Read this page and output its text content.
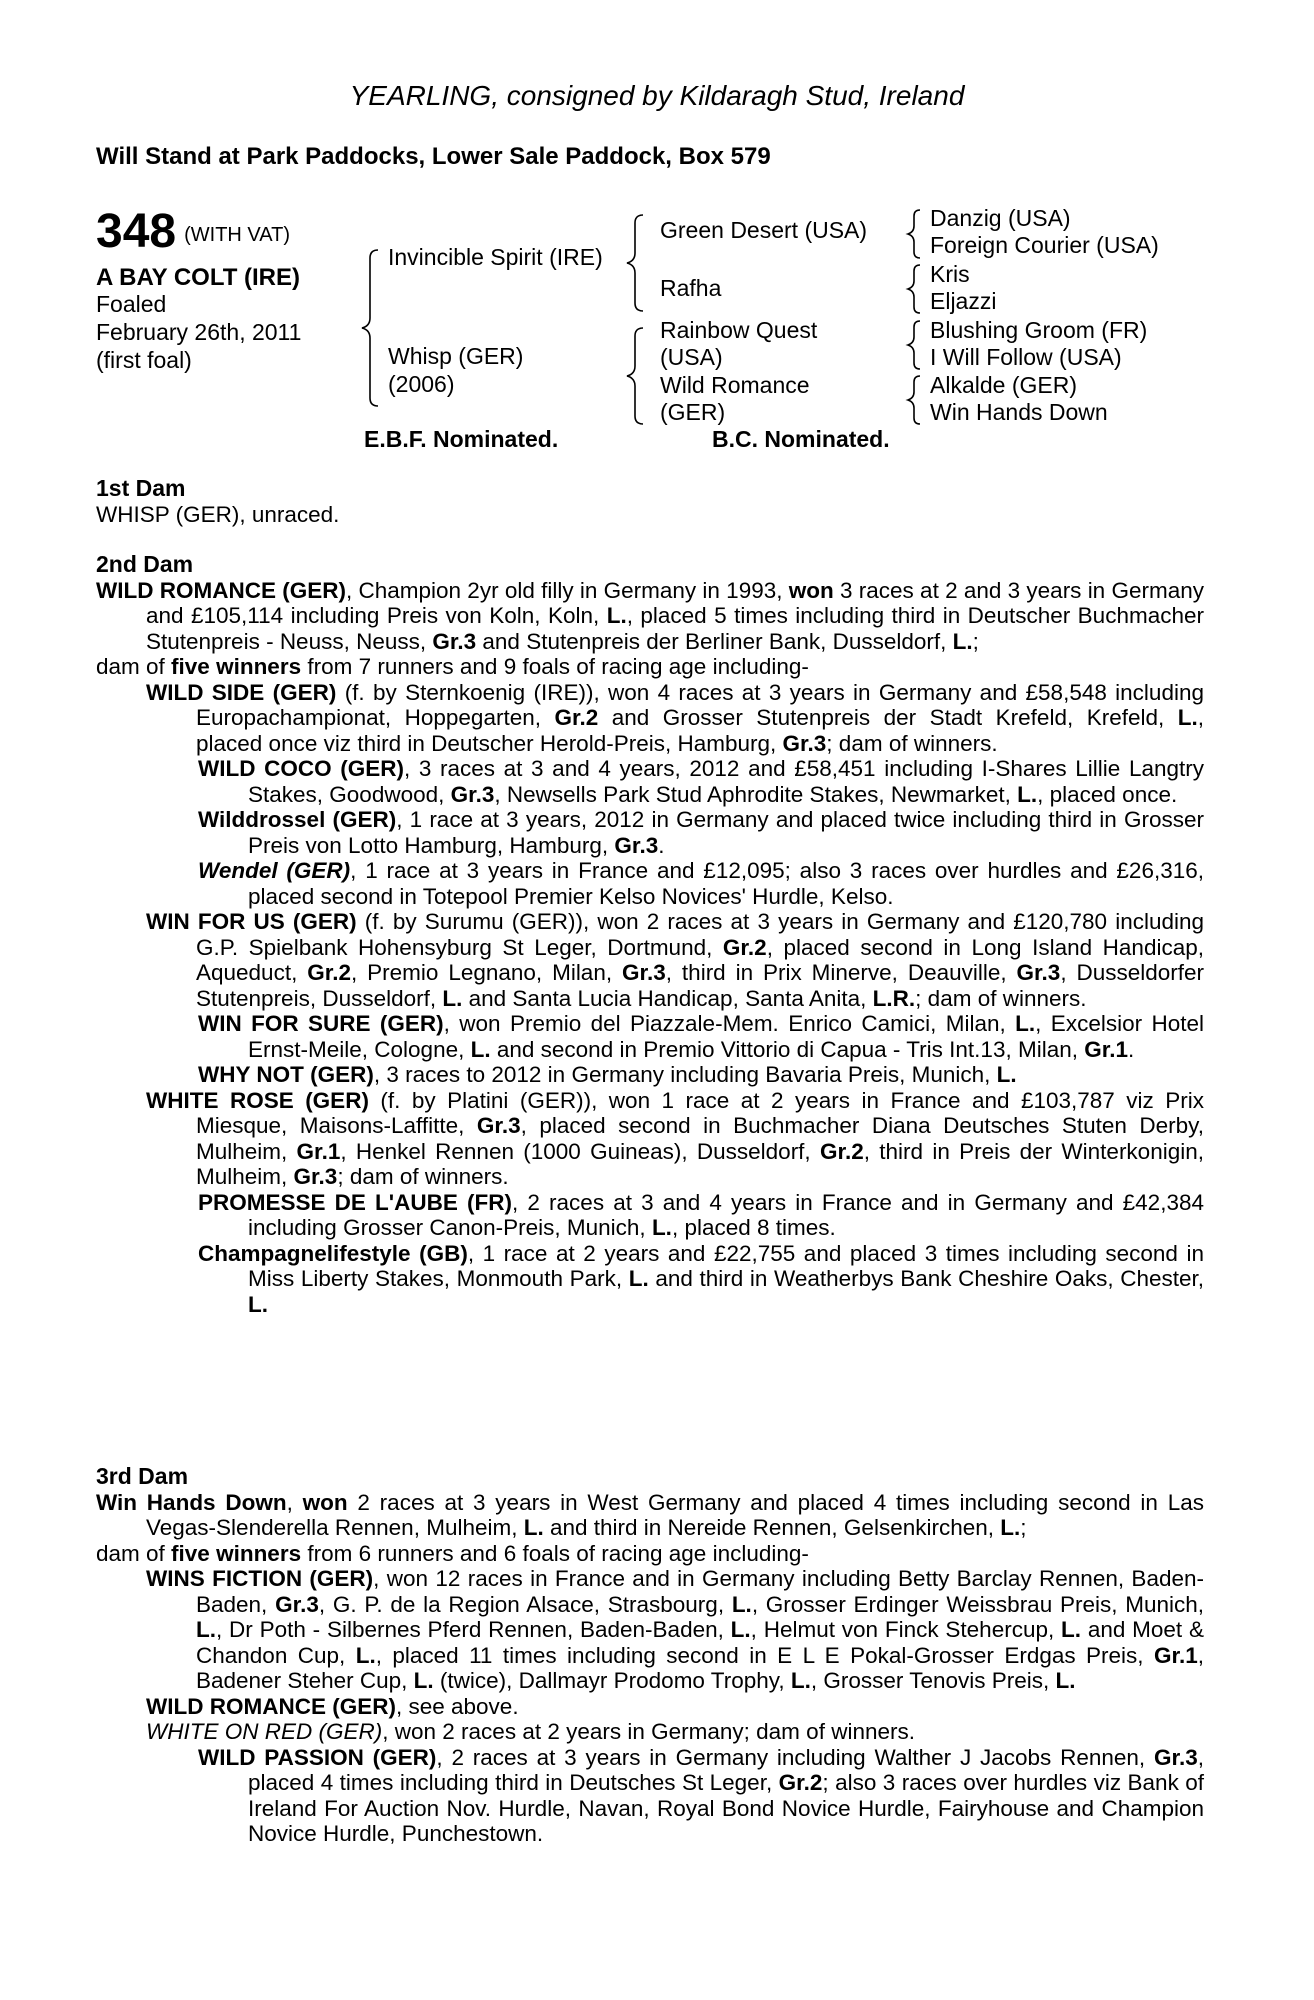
YEARLING, consigned by Kildaragh Stud, Ireland
Will Stand at Park Paddocks, Lower Sale Paddock, Box 579
348 (WITH VAT)
A BAY COLT (IRE)
Foaled
February 26th, 2011
(first foal)
Invincible Spirit (IRE)
Whisp (GER)
(2006)
Green Desert (USA)
Rafha
Rainbow Quest
(USA)
Wild Romance
(GER)
Danzig (USA)
Foreign Courier (USA)
Kris
Eljazzi
Blushing Groom (FR)
I Will Follow (USA)
Alkalde (GER)
Win Hands Down
E.B.F. Nominated.	B.C. Nominated.
1st Dam
WHISP (GER), unraced.
2nd Dam
WILD ROMANCE (GER), Champion 2yr old filly in Germany in 1993, won 3 races at 2 and 3 years in Germany and £105,114 including Preis von Koln, Koln, L., placed 5 times including third in Deutscher Buchmacher Stutenpreis - Neuss, Neuss, Gr.3 and Stutenpreis der Berliner Bank, Dusseldorf, L.;
dam of five winners from 7 runners and 9 foals of racing age including-
WILD SIDE (GER) (f. by Sternkoenig (IRE)), won 4 races at 3 years in Germany and £58,548 including Europachampionat, Hoppegarten, Gr.2 and Grosser Stutenpreis der Stadt Krefeld, Krefeld, L., placed once viz third in Deutscher Herold-Preis, Hamburg, Gr.3; dam of winners.
WILD COCO (GER), 3 races at 3 and 4 years, 2012 and £58,451 including I-Shares Lillie Langtry Stakes, Goodwood, Gr.3, Newsells Park Stud Aphrodite Stakes, Newmarket, L., placed once.
Wilddrossel (GER), 1 race at 3 years, 2012 in Germany and placed twice including third in Grosser Preis von Lotto Hamburg, Hamburg, Gr.3.
Wendel (GER), 1 race at 3 years in France and £12,095; also 3 races over hurdles and £26,316, placed second in Totepool Premier Kelso Novices' Hurdle, Kelso.
WIN FOR US (GER) (f. by Surumu (GER)), won 2 races at 3 years in Germany and £120,780 including G.P. Spielbank Hohensyburg St Leger, Dortmund, Gr.2, placed second in Long Island Handicap, Aqueduct, Gr.2, Premio Legnano, Milan, Gr.3, third in Prix Minerve, Deauville, Gr.3, Dusseldorfer Stutenpreis, Dusseldorf, L. and Santa Lucia Handicap, Santa Anita, L.R.; dam of winners.
WIN FOR SURE (GER), won Premio del Piazzale-Mem. Enrico Camici, Milan, L., Excelsior Hotel Ernst-Meile, Cologne, L. and second in Premio Vittorio di Capua - Tris Int.13, Milan, Gr.1.
WHY NOT (GER), 3 races to 2012 in Germany including Bavaria Preis, Munich, L.
WHITE ROSE (GER) (f. by Platini (GER)), won 1 race at 2 years in France and £103,787 viz Prix Miesque, Maisons-Laffitte, Gr.3, placed second in Buchmacher Diana Deutsches Stuten Derby, Mulheim, Gr.1, Henkel Rennen (1000 Guineas), Dusseldorf, Gr.2, third in Preis der Winterkonigin, Mulheim, Gr.3; dam of winners.
PROMESSE DE L'AUBE (FR), 2 races at 3 and 4 years in France and in Germany and £42,384 including Grosser Canon-Preis, Munich, L., placed 8 times.
Champagnelifestyle (GB), 1 race at 2 years and £22,755 and placed 3 times including second in Miss Liberty Stakes, Monmouth Park, L. and third in Weatherbys Bank Cheshire Oaks, Chester, L.
3rd Dam
Win Hands Down, won 2 races at 3 years in West Germany and placed 4 times including second in Las Vegas-Slenderella Rennen, Mulheim, L. and third in Nereide Rennen, Gelsenkirchen, L.;
dam of five winners from 6 runners and 6 foals of racing age including-
WINS FICTION (GER), won 12 races in France and in Germany including Betty Barclay Rennen, Baden-Baden, Gr.3, G. P. de la Region Alsace, Strasbourg, L., Grosser Erdinger Weissbrau Preis, Munich, L., Dr Poth - Silbernes Pferd Rennen, Baden-Baden, L., Helmut von Finck Stehercup, L. and Moet & Chandon Cup, L., placed 11 times including second in E L E Pokal-Grosser Erdgas Preis, Gr.1, Badener Steher Cup, L. (twice), Dallmayr Prodomo Trophy, L., Grosser Tenovis Preis, L.
WILD ROMANCE (GER), see above.
WHITE ON RED (GER), won 2 races at 2 years in Germany; dam of winners.
WILD PASSION (GER), 2 races at 3 years in Germany including Walther J Jacobs Rennen, Gr.3, placed 4 times including third in Deutsches St Leger, Gr.2; also 3 races over hurdles viz Bank of Ireland For Auction Nov. Hurdle, Navan, Royal Bond Novice Hurdle, Fairyhouse and Champion Novice Hurdle, Punchestown.
